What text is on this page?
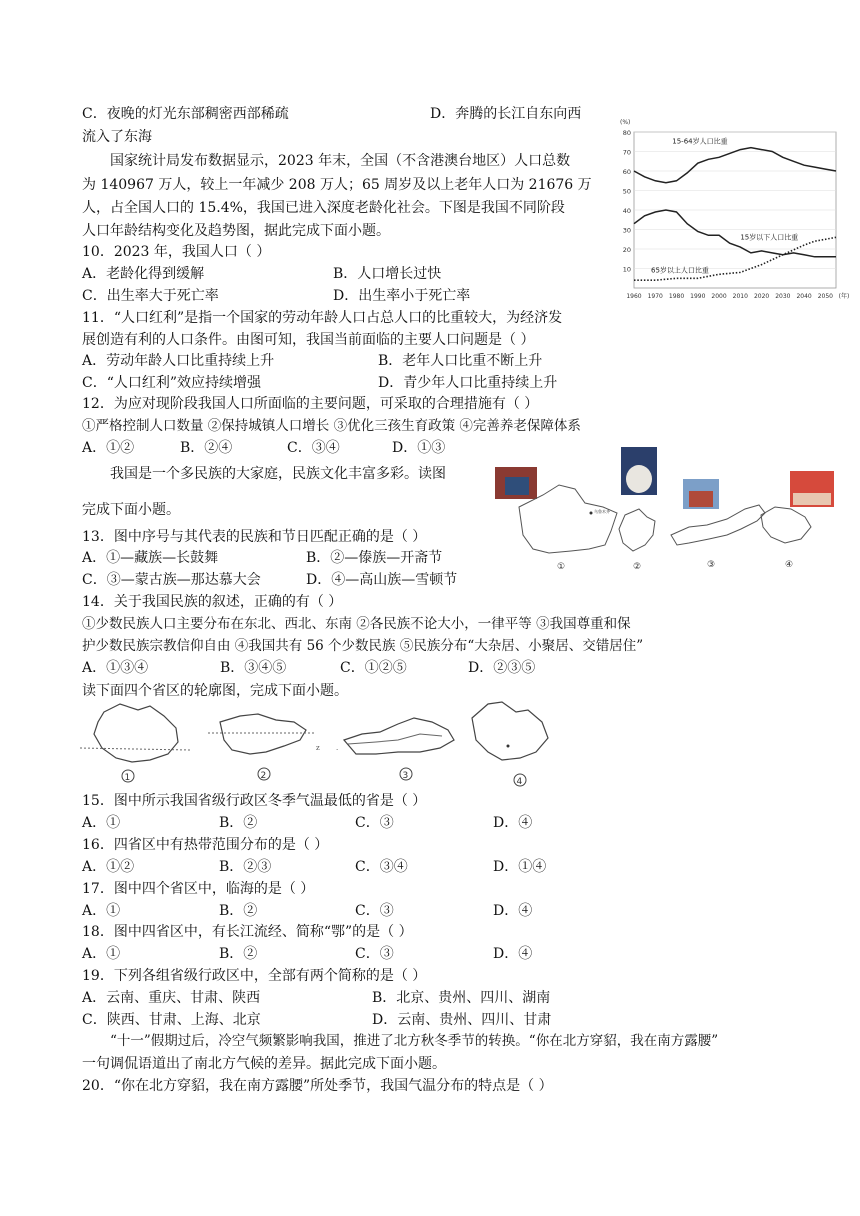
C．夜晚的灯光东部稠密西部稀疏	D．奔腾的长江自东向西
流入了东海
国家统计局发布数据显示，2023 年末，全国（不含港澳台地区）人口总数
为 140967 万人，较上一年减少 208 万人；65 周岁及以上老年人口为 21676 万
人，占全国人口的 15.4%，我国已进入深度老龄化社会。下图是我国不同阶段
人口年龄结构变化及趋势图，据此完成下面小题。
10
20
30
40
50
60
70
80
(%)
1960 1970 1980 1990 2000 2010 2020 2030 2040 2050 (年)
15-64岁人口比重
15岁以下人口比重
65岁以上人口比重
10．2023 年，我国人口（ ）
A．老龄化得到缓解	B．人口增长过快
C．出生率大于死亡率	D．出生率小于死亡率
11．“人口红利”是指一个国家的劳动年龄人口占总人口的比重较大，为经济发
展创造有利的人口条件。由图可知，我国当前面临的主要人口问题是（ ）
A．劳动年龄人口比重持续上升	B．老年人口比重不断上升
C．“人口红利”效应持续增强	D．青少年人口比重持续上升
12．为应对现阶段我国人口所面临的主要问题，可采取的合理措施有（ ）
①严格控制人口数量 ②保持城镇人口增长 ③优化三孩生育政策 ④完善养老保障体系
A．①②	B．②④	C．③④	D．①③
我国是一个多民族的大家庭，民族文化丰富多彩。读图
完成下面小题。	乌鲁木齐
①	②	③	④
13．图中序号与其代表的民族和节日匹配正确的是（ ）
A．①—藏族—长鼓舞	B．②—傣族—开斋节
C．③—蒙古族—那达慕大会	D．④—高山族—雪顿节
14．关于我国民族的叙述，正确的有（ ）
①少数民族人口主要分布在东北、西北、东南 ②各民族不论大小，一律平等 ③我国尊重和保
护少数民族宗教信仰自由 ④我国共有 56 个少数民族 ⑤民族分布“大杂居、小聚居、交错居住”
A．①③④	B．③④⑤	C．①②⑤	D．②③⑤
读下面四个省区的轮廓图，完成下面小题。
1
z .
2	3
4
15．图中所示我国省级行政区冬季气温最低的省是（ ）
A．①	B．②	C．③	D．④
16．四省区中有热带范围分布的是（ ）
A．①②	B．②③	C．③④	D．①④
17．图中四个省区中，临海的是（ ）
A．①	B．②	C．③	D．④
18．图中四省区中，有长江流经、简称“鄂”的是（ ）
A．①	B．②	C．③	D．④
19．下列各组省级行政区中，全部有两个简称的是（ ）
A．云南、重庆、甘肃、陕西	B．北京、贵州、四川、湖南
C．陕西、甘肃、上海、北京	D．云南、贵州、四川、甘肃
“十一”假期过后，冷空气频繁影响我国，推进了北方秋冬季节的转换。“你在北方穿貂，我在南方露腰”
一句调侃语道出了南北方气候的差异。据此完成下面小题。
20．“你在北方穿貂，我在南方露腰”所处季节，我国气温分布的特点是（ ）
